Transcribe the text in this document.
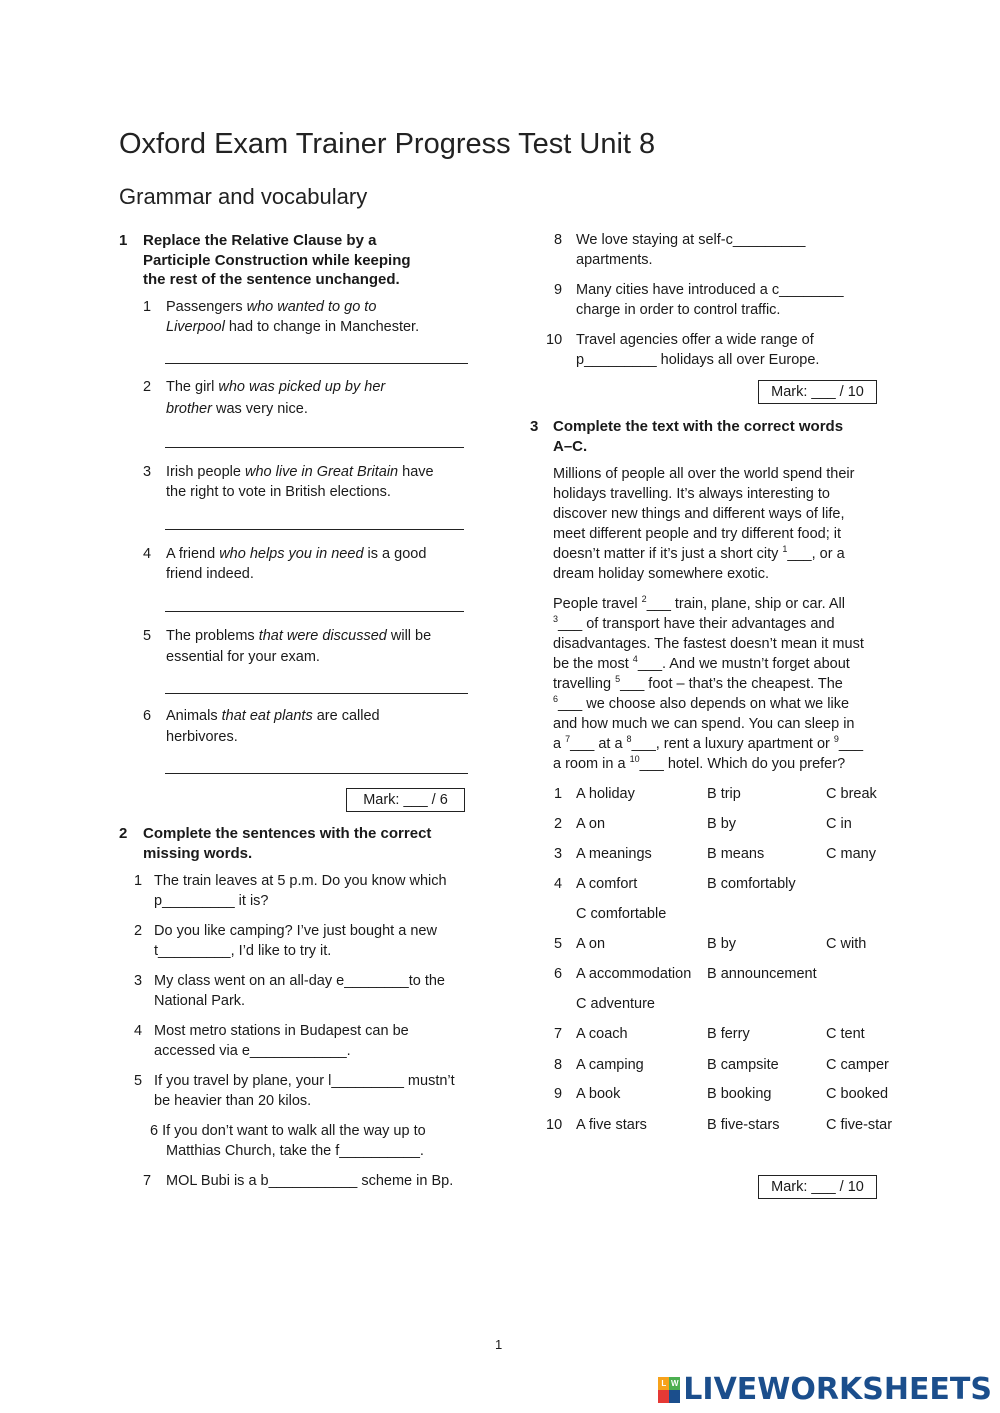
Oxford Exam Trainer Progress Test Unit 8
Grammar and vocabulary
1 Replace the Relative Clause by a
Participle Construction while keeping
the rest of the sentence unchanged.
1 Passengers who wanted to go to
Liverpool had to change in Manchester.
2 The girl who was picked up by her
brother was very nice.
3 Irish people who live in Great Britain have
the right to vote in British elections.
4 A friend who helps you in need is a good
friend indeed.
5 The problems that were discussed will be
essential for your exam.
6 Animals that eat plants are called
herbivores.
Mark: ___ / 6
2 Complete the sentences with the correct
missing words.
1 The train leaves at 5 p.m. Do you know which
p_________ it is?
2 Do you like camping? I’ve just bought a new
t_________, I’d like to try it.
3 My class went on an all-day e________to the
National Park.
4 Most metro stations in Budapest can be
accessed via e____________.
5 If you travel by plane, your l_________ mustn’t
be heavier than 20 kilos.
6 If you don’t want to walk all the way up to
Matthias Church, take the f__________.
7 MOL Bubi is a b___________ scheme in Bp.
8 We love staying at self-c_________
apartments.
9 Many cities have introduced a c________
charge in order to control traffic.
10 Travel agencies offer a wide range of
p_________ holidays all over Europe.
Mark: ___ / 10
3 Complete the text with the correct words
A–C.
Millions of people all over the world spend their
holidays travelling. It’s always interesting to
discover new things and different ways of life,
meet different people and try different food; it
doesn’t matter if it’s just a short city $^1$___, or a
dream holiday somewhere exotic.
People travel $^2$___ train, plane, ship or car. All
$^3$___ of transport have their advantages and
disadvantages. The fastest doesn’t mean it must
be the most $^4$___. And we mustn’t forget about
travelling $^5$___ foot – that’s the cheapest. The
$^6$___ we choose also depends on what we like
and how much we can spend. You can sleep in
a $^7$___ at a $^8$___, rent a luxury apartment or $^9$___
a room in a $^{10}$___ hotel. Which do you prefer?
1 A holiday	B trip	C break
2 A on	B by	C in
3 A meanings	B means	C many
4 A comfort	B comfortably
C comfortable
5 A on	B by	C with
6 A accommodation B announcement
C adventure
7 A coach	B ferry	C tent
8 A camping	B campsite	C camper
9 A book	B booking	C booked
10 A five stars	B five-stars	C five-star
Mark: ___ / 10
1
L W LIVEWORKSHEETS
